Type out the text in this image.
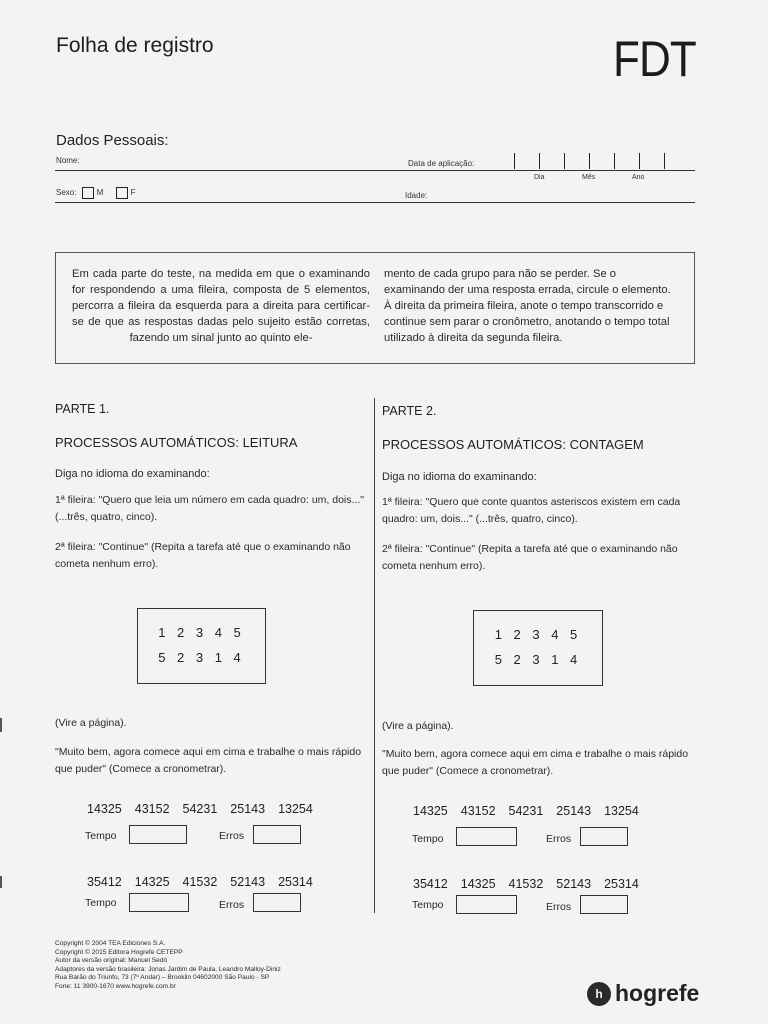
Folha de registro	FDT
Dados Pessoais:
Nome:	Data de aplicação:
Dia	Mês	Ano
Sexo:	M	F	Idade:
Em cada parte do teste, na medida em que o examinando for respondendo a uma fileira, composta de 5 elementos, percorra a fileira da esquerda para a direita para certificar-se de que as respostas dadas pelo sujeito estão corretas, fazendo um sinal junto ao quinto ele-
mento de cada grupo para não se perder. Se o examinando der uma resposta errada, circule o elemento. À direita da primeira fileira, anote o tempo transcorrido e continue sem parar o cronômetro, anotando o tempo total utilizado à direita da segunda fileira.
PARTE 1.
PROCESSOS AUTOMÁTICOS: LEITURA
Diga no idioma do examinando:
1ª fileira: "Quero que leia um número em cada quadro: um, dois..." (...três, quatro, cinco).
2ª fileira: "Continue" (Repita a tarefa até que o examinando não cometa nenhum erro).
1 2 3 4 5
5 2 3 1 4
(Vire a página).
"Muito bem, agora comece aqui em cima e trabalhe o mais rápido que puder" (Comece a cronometrar).
14325 43152 54231 25143 13254
Tempo	Erros
35412 14325 41532 52143 25314
Tempo	Erros
PARTE 2.
PROCESSOS AUTOMÁTICOS: CONTAGEM
Diga no idioma do examinando:
1ª fileira: "Quero que conte quantos asteriscos existem em cada quadro: um, dois..." (...três, quatro, cinco).
2ª fileira: "Continue" (Repita a tarefa até que o examinando não cometa nenhum erro).
1 2 3 4 5
5 2 3 1 4
(Vire a página).
"Muito bem, agora comece aqui em cima e trabalhe o mais rápido que puder" (Comece a cronometrar).
14325 43152 54231 25143 13254
Tempo	Erros
35412 14325 41532 52143 25314
Tempo	Erros
Copyright © 2004 TEA Ediciones S.A.
Copyright © 2015 Editora Hogrefe CETEPP
Autor da versão original: Manuel Sedó
Adaptores da versão brasileira: Jonas Jardim de Paula, Leandro Malloy-Diniz
Rua Barão do Triunfo, 73 (7º Andar) – Brooklin 04602000 São Paulo - SP
Fone: 11 3900-1670 www.hogrefe.com.br
h hogrefe
